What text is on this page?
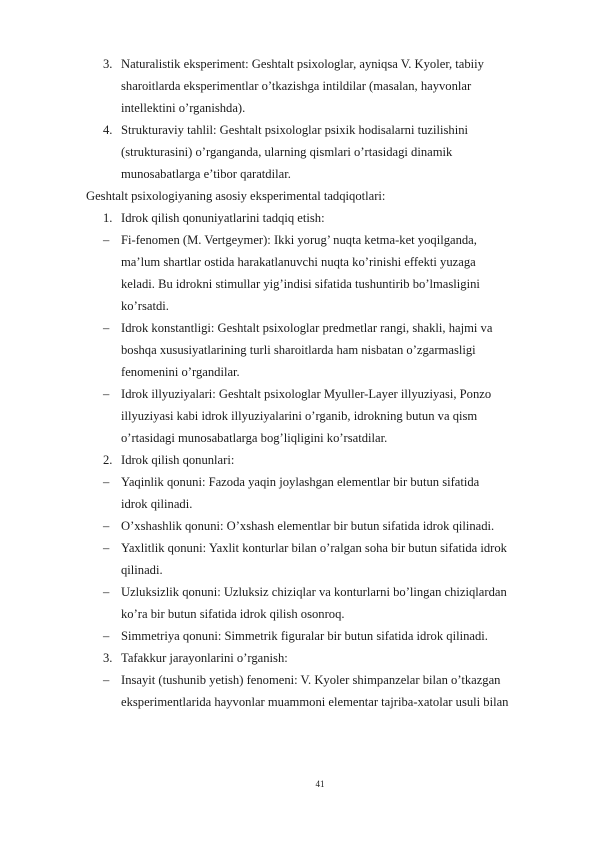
3. Naturalistik eksperiment: Geshtalt psixologlar, ayniqsa V. Kyoler, tabiiy
sharoitlarda eksperimentlar o’tkazishga intildilar (masalan, hayvonlar
intellektini o’rganishda).
4. Strukturaviy tahlil: Geshtalt psixologlar psixik hodisalarni tuzilishini
(strukturasini) o’rganganda, ularning qismlari o’rtasidagi dinamik
munosabatlarga e’tibor qaratdilar.
Geshtalt psixologiyaning asosiy eksperimental tadqiqotlari:
1. Idrok qilish qonuniyatlarini tadqiq etish:
– Fi-fenomen (M. Vertgeymer): Ikki yorug’ nuqta ketma-ket yoqilganda,
ma’lum shartlar ostida harakatlanuvchi nuqta ko’rinishi effekti yuzaga
keladi. Bu idrokni stimullar yig’indisi sifatida tushuntirib bo’lmasligini
ko’rsatdi.
– Idrok konstantligi: Geshtalt psixologlar predmetlar rangi, shakli, hajmi va
boshqa xususiyatlarining turli sharoitlarda ham nisbatan o’zgarmasligi
fenomenini o’rgandilar.
– Idrok illyuziyalari: Geshtalt psixologlar Myuller-Layer illyuziyasi, Ponzo
illyuziyasi kabi idrok illyuziyalarini o’rganib, idrokning butun va qism
o’rtasidagi munosabatlarga bog’liqligini ko’rsatdilar.
2. Idrok qilish qonunlari:
– Yaqinlik qonuni: Fazoda yaqin joylashgan elementlar bir butun sifatida
idrok qilinadi.
– O’xshashlik qonuni: O’xshash elementlar bir butun sifatida idrok qilinadi.
– Yaxlitlik qonuni: Yaxlit konturlar bilan o’ralgan soha bir butun sifatida idrok
qilinadi.
– Uzluksizlik qonuni: Uzluksiz chiziqlar va konturlarni bo’lingan chiziqlardan
ko’ra bir butun sifatida idrok qilish osonroq.
– Simmetriya qonuni: Simmetrik figuralar bir butun sifatida idrok qilinadi.
3. Tafakkur jarayonlarini o’rganish:
– Insayit (tushunib yetish) fenomeni: V. Kyoler shimpanzelar bilan o’tkazgan
eksperimentlarida hayvonlar muammoni elementar tajriba-xatolar usuli bilan
41
